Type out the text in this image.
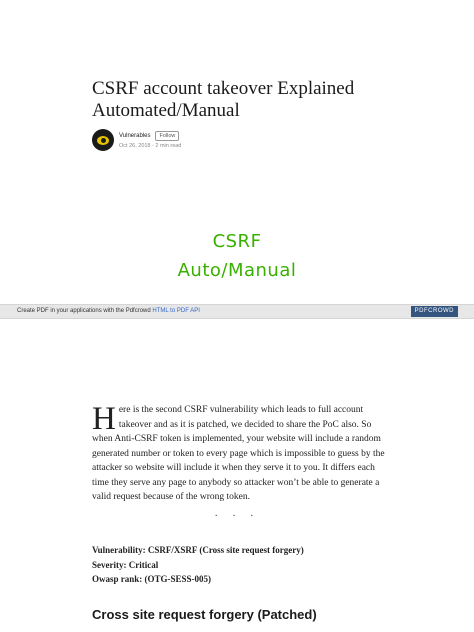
CSRF account takeover Explained
Automated/Manual
Vulnerables	Follow
Oct 26, 2018 · 2 min read
CSRF
Auto/Manual
Create PDF in your applications with the Pdfcrowd HTML to PDF API	PDFCROWD

Here is the second CSRF vulnerability which leads to full account takeover and as it is patched, we decided to share the PoC also. So when Anti-CSRF token is implemented, your website will include a random generated number or token to every page which is impossible to guess by the attacker so website will include it when they serve it to you. It differs each time they serve any page to anybody so attacker won’t be able to generate a valid request because of the wrong token.

· · ·
Vulnerability: CSRF/XSRF (Cross site request forgery)
Severity: Critical
Owasp rank: (OTG-SESS-005)
Cross site request forgery (Patched)
